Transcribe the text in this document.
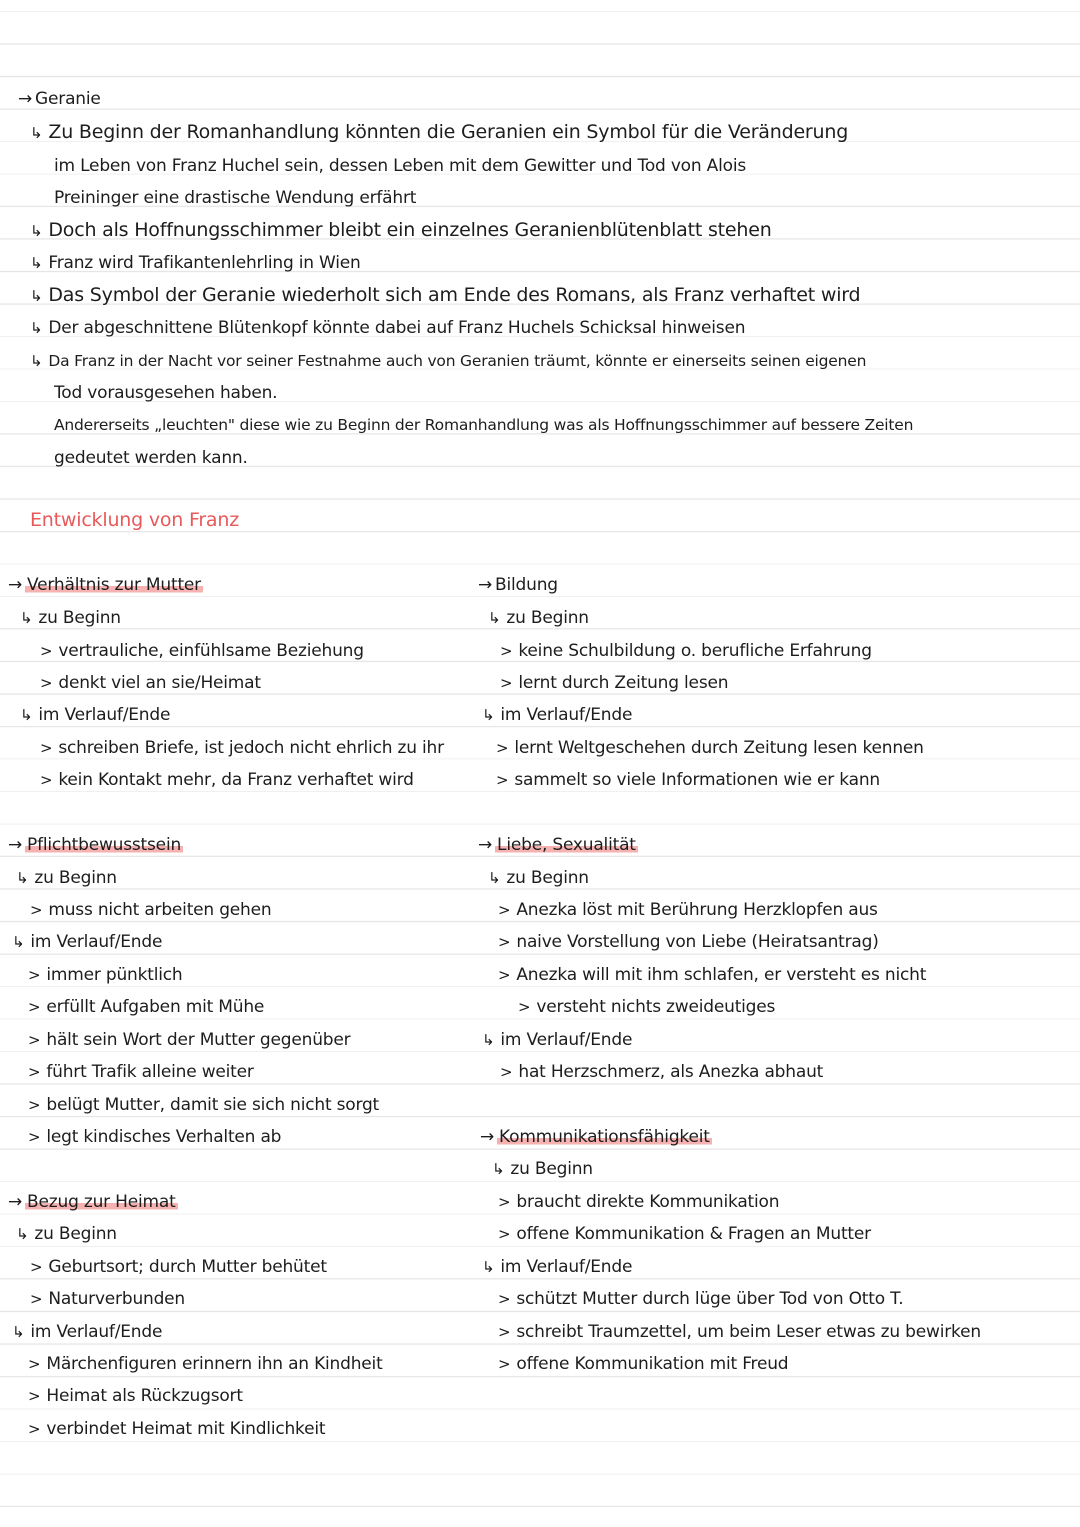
→ Geranie
↳ Zu Beginn der Romanhandlung könnten die Geranien ein Symbol für die Veränderung
im Leben von Franz Huchel sein, dessen Leben mit dem Gewitter und Tod von Alois
Preininger eine drastische Wendung erfährt
↳ Doch als Hoffnungsschimmer bleibt ein einzelnes Geranienblütenblatt stehen
↳ Franz wird Trafikantenlehrling in Wien
↳ Das Symbol der Geranie wiederholt sich am Ende des Romans, als Franz verhaftet wird
↳ Der abgeschnittene Blütenkopf könnte dabei auf Franz Huchels Schicksal hinweisen
↳ Da Franz in der Nacht vor seiner Festnahme auch von Geranien träumt, könnte er einerseits seinen eigenen
Tod vorausgesehen haben.
Andererseits „leuchten" diese wie zu Beginn der Romanhandlung was als Hoffnungsschimmer auf bessere Zeiten
gedeutet werden kann.
Entwicklung von Franz
→ Verhältnis zur Mutter
↳ zu Beginn
> vertrauliche, einfühlsame Beziehung
> denkt viel an sie/Heimat
↳ im Verlauf/Ende
> schreiben Briefe, ist jedoch nicht ehrlich zu ihr
> kein Kontakt mehr, da Franz verhaftet wird
→ Pflichtbewusstsein
↳ zu Beginn
> muss nicht arbeiten gehen
↳ im Verlauf/Ende
> immer pünktlich
> erfüllt Aufgaben mit Mühe
> hält sein Wort der Mutter gegenüber
> führt Trafik alleine weiter
> belügt Mutter, damit sie sich nicht sorgt
> legt kindisches Verhalten ab
→ Bezug zur Heimat
↳ zu Beginn
> Geburtsort; durch Mutter behütet
> Naturverbunden
↳ im Verlauf/Ende
> Märchenfiguren erinnern ihn an Kindheit
> Heimat als Rückzugsort
> verbindet Heimat mit Kindlichkeit
→ Bildung
↳ zu Beginn
> keine Schulbildung o. berufliche Erfahrung
> lernt durch Zeitung lesen
↳ im Verlauf/Ende
> lernt Weltgeschehen durch Zeitung lesen kennen
> sammelt so viele Informationen wie er kann
→ Liebe, Sexualität
↳ zu Beginn
> Anezka löst mit Berührung Herzklopfen aus
> naive Vorstellung von Liebe (Heiratsantrag)
> Anezka will mit ihm schlafen, er versteht es nicht
> versteht nichts zweideutiges
↳ im Verlauf/Ende
> hat Herzschmerz, als Anezka abhaut
→ Kommunikationsfähigkeit
↳ zu Beginn
> braucht direkte Kommunikation
> offene Kommunikation & Fragen an Mutter
↳ im Verlauf/Ende
> schützt Mutter durch lüge über Tod von Otto T.
> schreibt Traumzettel, um beim Leser etwas zu bewirken
> offene Kommunikation mit Freud
